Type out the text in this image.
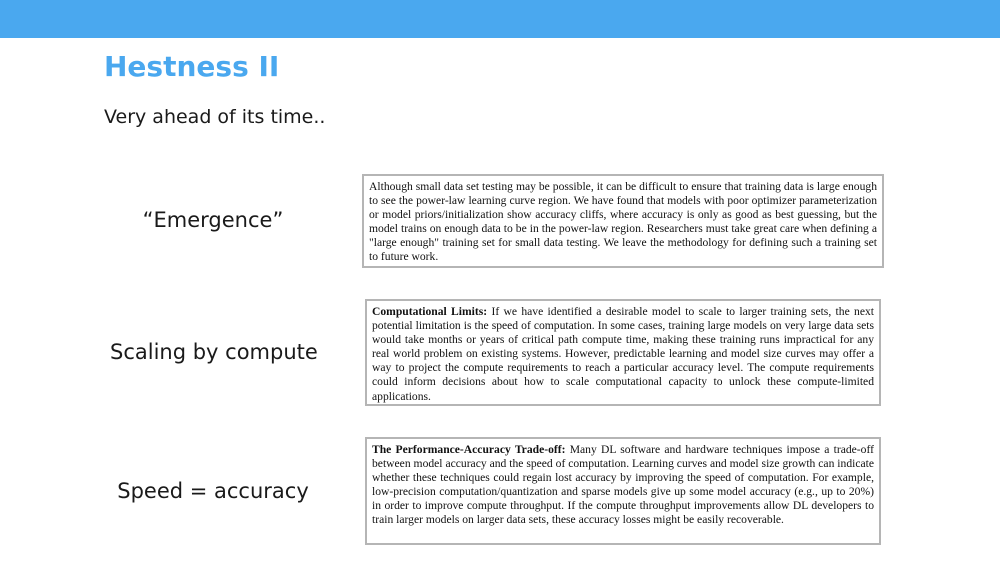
Hestness II
Very ahead of its time..
“Emergence”
Although small data set testing may be possible, it can be difficult to ensure that training data is large enough to see the power-law learning curve region. We have found that models with poor optimizer parameterization or model priors/initialization show accuracy cliffs, where accuracy is only as good as best guessing, but the model trains on enough data to be in the power-law region. Researchers must take great care when defining a "large enough" training set for small data testing. We leave the methodology for defining such a training set to future work.
Scaling by compute
Computational Limits: If we have identified a desirable model to scale to larger training sets, the next potential limitation is the speed of computation. In some cases, training large models on very large data sets would take months or years of critical path compute time, making these training runs impractical for any real world problem on existing systems. However, predictable learning and model size curves may offer a way to project the compute requirements to reach a particular accuracy level. The compute requirements could inform decisions about how to scale computational capacity to unlock these compute-limited applications.
Speed = accuracy
The Performance-Accuracy Trade-off: Many DL software and hardware techniques impose a trade-off between model accuracy and the speed of computation. Learning curves and model size growth can indicate whether these techniques could regain lost accuracy by improving the speed of computation. For example, low-precision computation/quantization and sparse models give up some model accuracy (e.g., up to 20%) in order to improve compute throughput. If the compute throughput improvements allow DL developers to train larger models on larger data sets, these accuracy losses might be easily recoverable.
